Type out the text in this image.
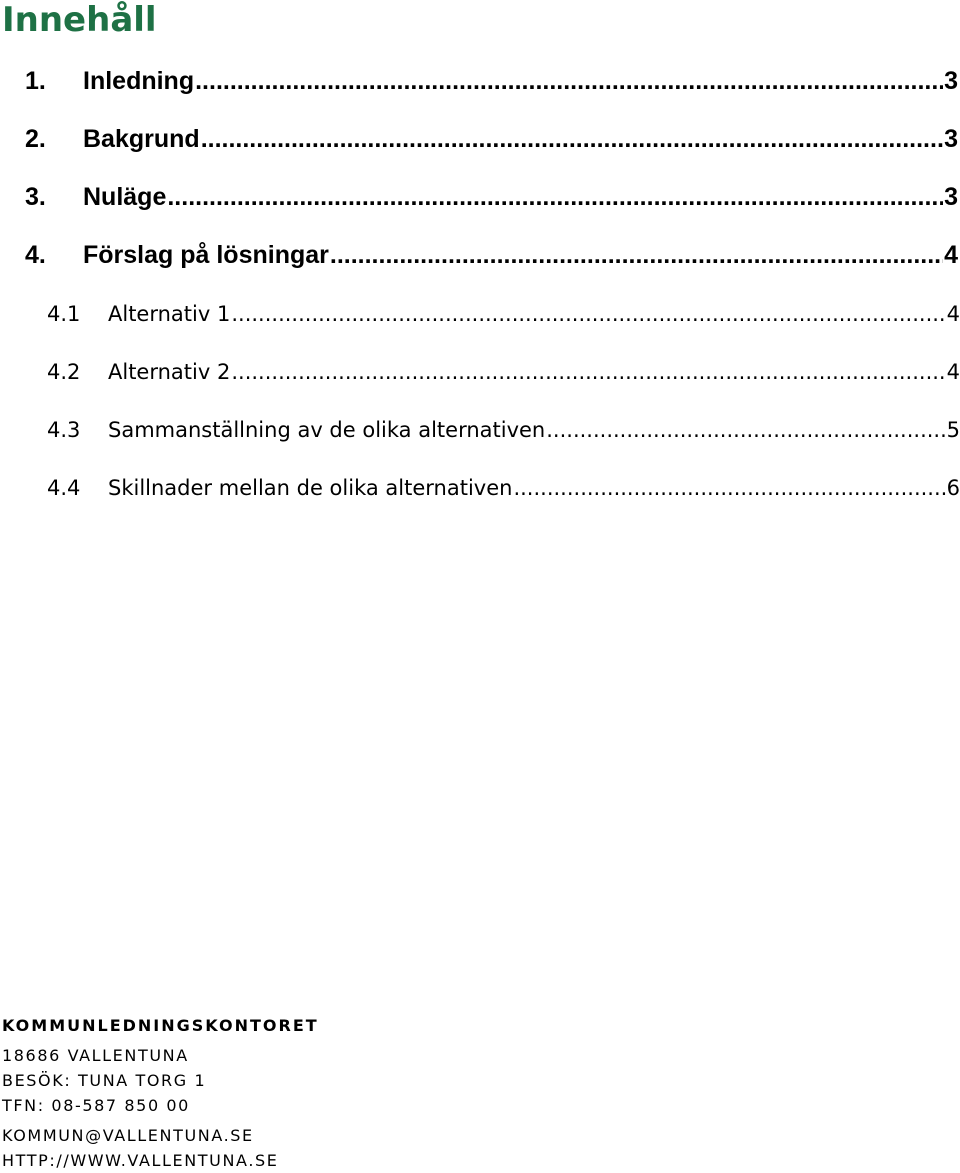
Innehåll
1.	Inledning .....	3
2.	Bakgrund .....	3
3.	Nuläge .....	3
4.	Förslag på lösningar .....	4
4.1	Alternativ 1 .....	4
4.2	Alternativ 2 .....	4
4.3	Sammanställning av de olika alternativen .....	5
4.4	Skillnader mellan de olika alternativen .....	6
KOMMUNLEDNINGSKONTORET
18686 VALLENTUNA
BESÖK: TUNA TORG 1
TFN: 08-587 850 00
KOMMUN@VALLENTUNA.SE
HTTP://WWW.VALLENTUNA.SE
